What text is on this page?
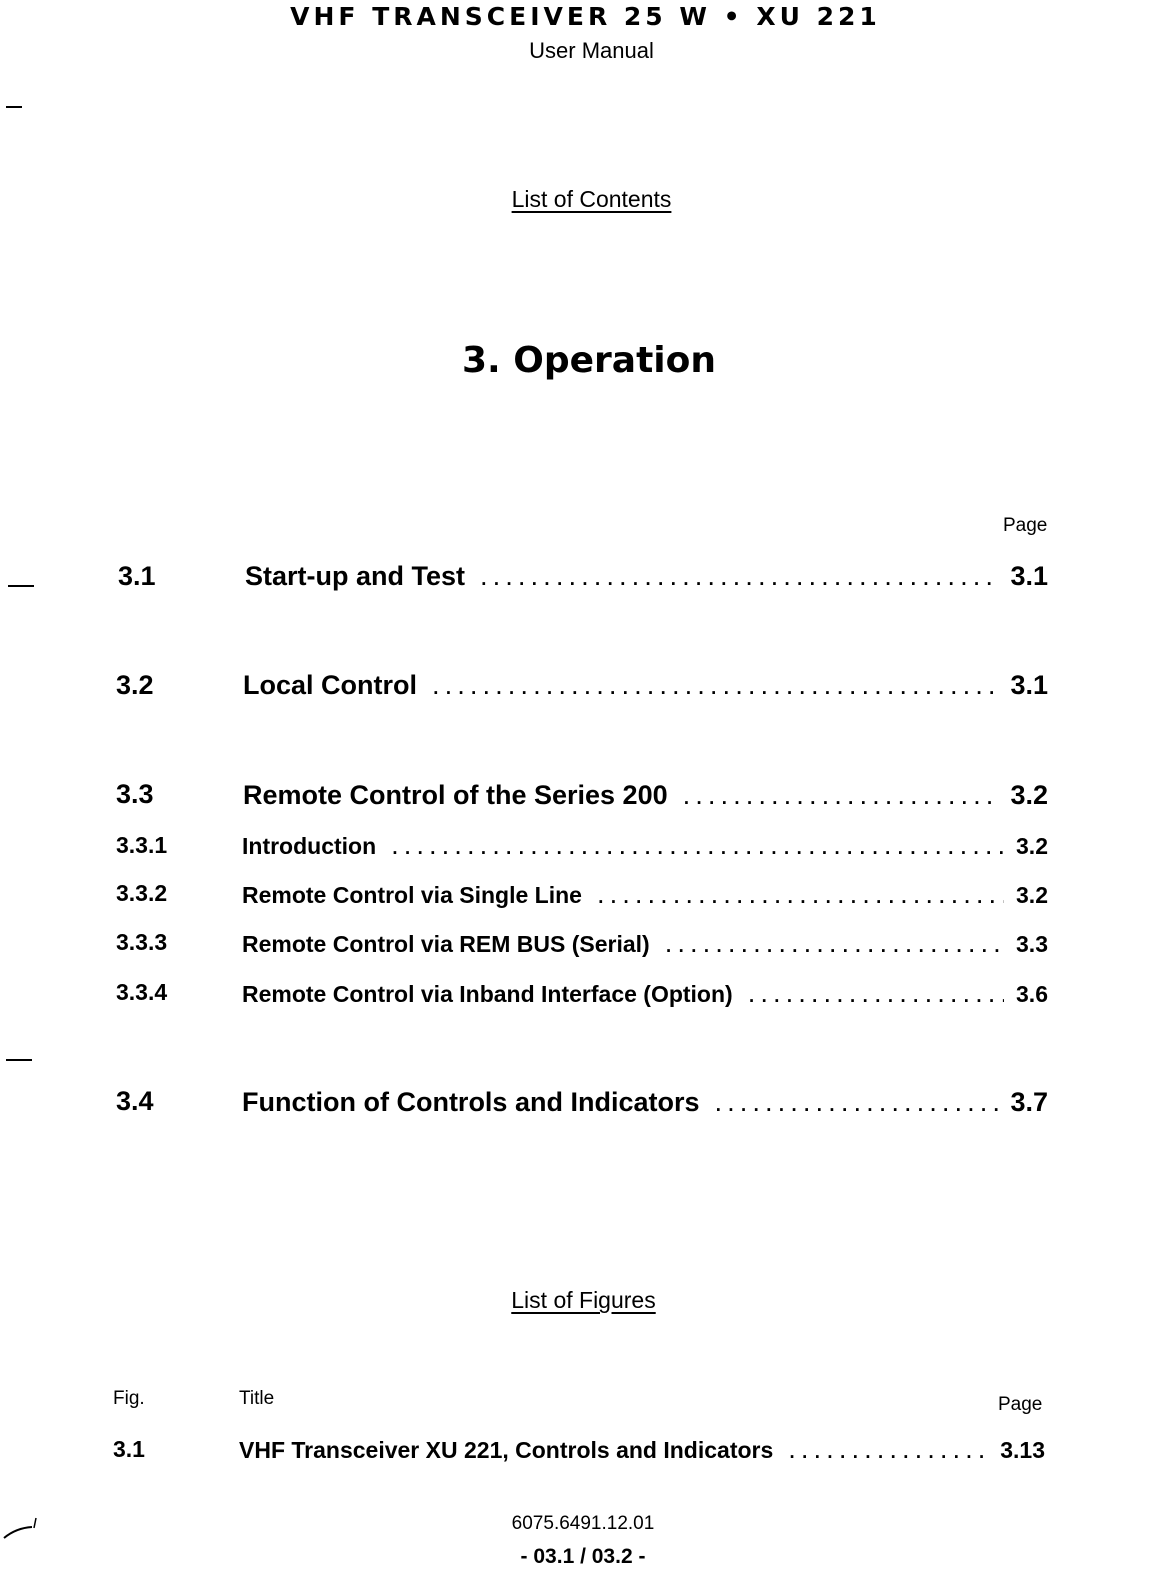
VHF TRANSCEIVER 25 W • XU 221
User Manual
List of Contents
3. Operation
Page
3.1	Start-up and Test .....	3.1
3.2	Local Control .....	3.1
3.3	Remote Control of the Series 200 .....	3.2
3.3.1	Introduction .....	3.2
3.3.2	Remote Control via Single Line .....	3.2
3.3.3	Remote Control via REM BUS (Serial) .....	3.3
3.3.4	Remote Control via Inband Interface (Option) .....	3.6
3.4	Function of Controls and Indicators .....	3.7
List of Figures
Fig.	Title	Page
3.1	VHF Transceiver XU 221, Controls and Indicators .....	3.13
6075.6491.12.01
- 03.1 / 03.2 -
